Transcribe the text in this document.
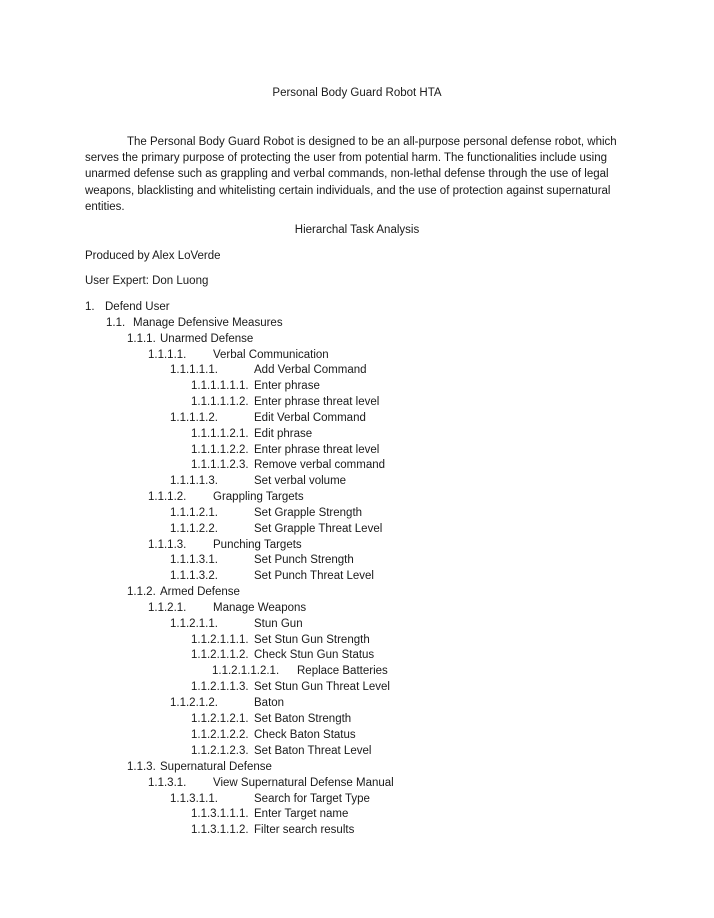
Personal Body Guard Robot HTA

The Personal Body Guard Robot is designed to be an all-purpose personal defense robot, which serves the primary purpose of protecting the user from potential harm. The functionalities include using unarmed defense such as grappling and verbal commands, non-lethal defense through the use of legal weapons, blacklisting and whitelisting certain individuals, and the use of protection against supernatural entities.

Hierarchal Task Analysis
Produced by Alex LoVerde
User Expert: Don Luong
1. Defend User
1.1. Manage Defensive Measures
1.1.1. Unarmed Defense
1.1.1.1. Verbal Communication
1.1.1.1.1.	Add Verbal Command
1.1.1.1.1.1. Enter phrase
1.1.1.1.1.2. Enter phrase threat level
1.1.1.1.2.	Edit Verbal Command
1.1.1.1.2.1. Edit phrase
1.1.1.1.2.2. Enter phrase threat level
1.1.1.1.2.3. Remove verbal command
1.1.1.1.3.	Set verbal volume
1.1.1.2. Grappling Targets
1.1.1.2.1.	Set Grapple Strength
1.1.1.2.2.	Set Grapple Threat Level
1.1.1.3. Punching Targets
1.1.1.3.1.	Set Punch Strength
1.1.1.3.2.	Set Punch Threat Level
1.1.2. Armed Defense
1.1.2.1. Manage Weapons
1.1.2.1.1.	Stun Gun
1.1.2.1.1.1. Set Stun Gun Strength
1.1.2.1.1.2. Check Stun Gun Status
1.1.2.1.1.2.1. Replace Batteries
1.1.2.1.1.3. Set Stun Gun Threat Level
1.1.2.1.2.	Baton
1.1.2.1.2.1. Set Baton Strength
1.1.2.1.2.2. Check Baton Status
1.1.2.1.2.3. Set Baton Threat Level
1.1.3. Supernatural Defense
1.1.3.1. View Supernatural Defense Manual
1.1.3.1.1.	Search for Target Type
1.1.3.1.1.1. Enter Target name
1.1.3.1.1.2. Filter search results
